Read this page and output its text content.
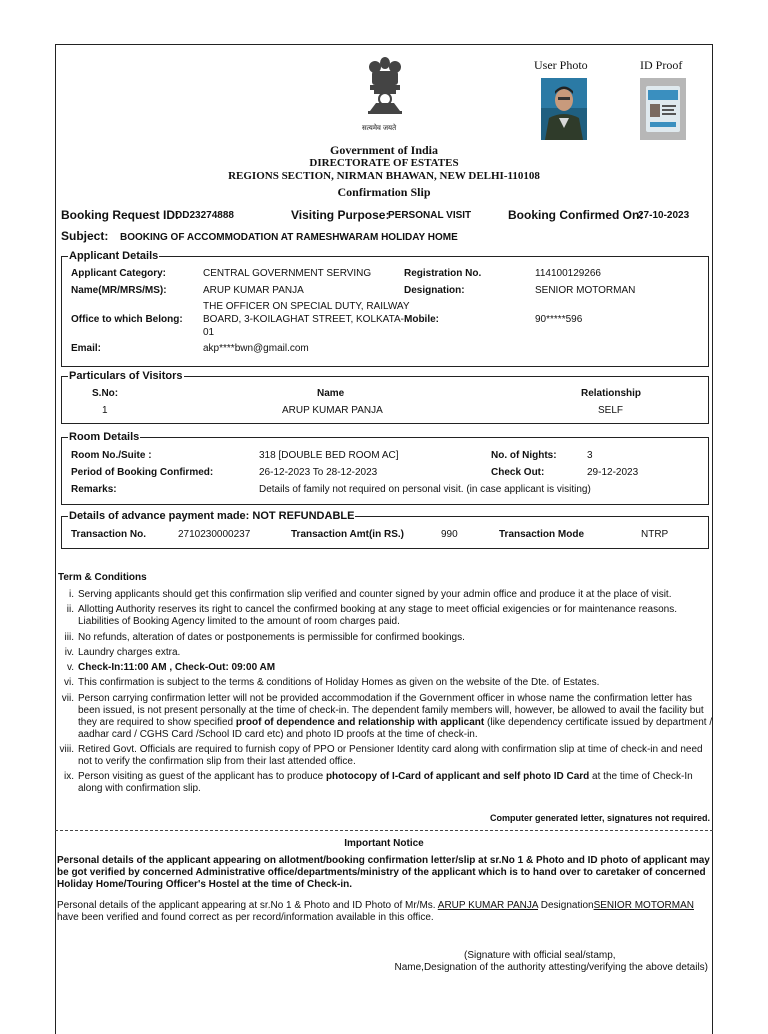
सत्यमेव जयते
User Photo	ID Proof
Government of India
DIRECTORATE OF ESTATES
REGIONS SECTION, NIRMAN BHAWAN, NEW DELHI-110108
Confirmation Slip
Booking Request ID:
DD23274888	Visiting Purpose:
PERSONAL VISIT	Booking Confirmed On:
27-10-2023
Subject: BOOKING OF ACCOMMODATION AT RAMESHWARAM HOLIDAY HOME
Applicant Details
Applicant Category:	CENTRAL GOVERNMENT SERVING	Registration No.	114100129266
Name(MR/MRS/MS):	ARUP KUMAR PANJA	Designation:	SENIOR MOTORMAN
Office to which Belong:
THE OFFICER ON SPECIAL DUTY, RAILWAY
BOARD, 3-KOILAGHAT STREET, KOLKATA-
01
Mobile:	90*****596
Email:	akp****bwn@gmail.com
Particulars of Visitors
S.No:	Name	Relationship
1	ARUP KUMAR PANJA	SELF
Room Details
Room No./Suite :	318 [DOUBLE BED ROOM AC]	No. of Nights:	3
Period of Booking Confirmed:	26-12-2023 To 28-12-2023	Check Out:	29-12-2023
Remarks:	Details of family not required on personal visit. (in case applicant is visiting)
Details of advance payment made: NOT REFUNDABLE
Transaction No.	2710230000237	Transaction Amt(in RS.)	990	Transaction Mode	NTRP
Term & Conditions
i. Serving applicants should get this confirmation slip verified and counter signed by your admin office and produce it at the place of visit.
ii. Allotting Authority reserves its right to cancel the confirmed booking at any stage to meet official exigencies or for maintenance reasons. Liabilities of Booking Agency limited to the amount of room charges paid.
iii. No refunds, alteration of dates or postponements is permissible for confirmed bookings.
iv. Laundry charges extra.
v. Check-In:11:00 AM , Check-Out: 09:00 AM
vi. This confirmation is subject to the terms & conditions of Holiday Homes as given on the website of the Dte. of Estates.
vii. Person carrying confirmation letter will not be provided accommodation if the Government officer in whose name the confirmation letter has been issued, is not present personally at the time of check-in. The dependent family members will, however, be allowed to avail the facility but they are required to show specified proof of dependence and relationship with applicant (like dependency certificate issued by department / aadhar card / CGHS Card /School ID card etc) and photo ID proofs at the time of check-in.
viii. Retired Govt. Officials are required to furnish copy of PPO or Pensioner Identity card along with confirmation slip at time of check-in and need not to verify the confirmation slip from their last attended office.
ix. Person visiting as guest of the applicant has to produce photocopy of I-Card of applicant and self photo ID Card at the time of Check-In along with confirmation slip.
Computer generated letter, signatures not required.
Important Notice
Personal details of the applicant appearing on allotment/booking confirmation letter/slip at sr.No 1 & Photo and ID photo of applicant may be got verified by concerned Administrative office/departments/ministry of the applicant which is to hand over to caretaker of concerned Holiday Home/Touring Officer's Hostel at the time of Check-in.
Personal details of the applicant appearing at sr.No 1 & Photo and ID Photo of Mr/Ms. ARUP KUMAR PANJA DesignationSENIOR MOTORMAN have been verified and found correct as per record/information available in this office.
(Signature with official seal/stamp,
Name,Designation of the authority attesting/verifying the above details)
